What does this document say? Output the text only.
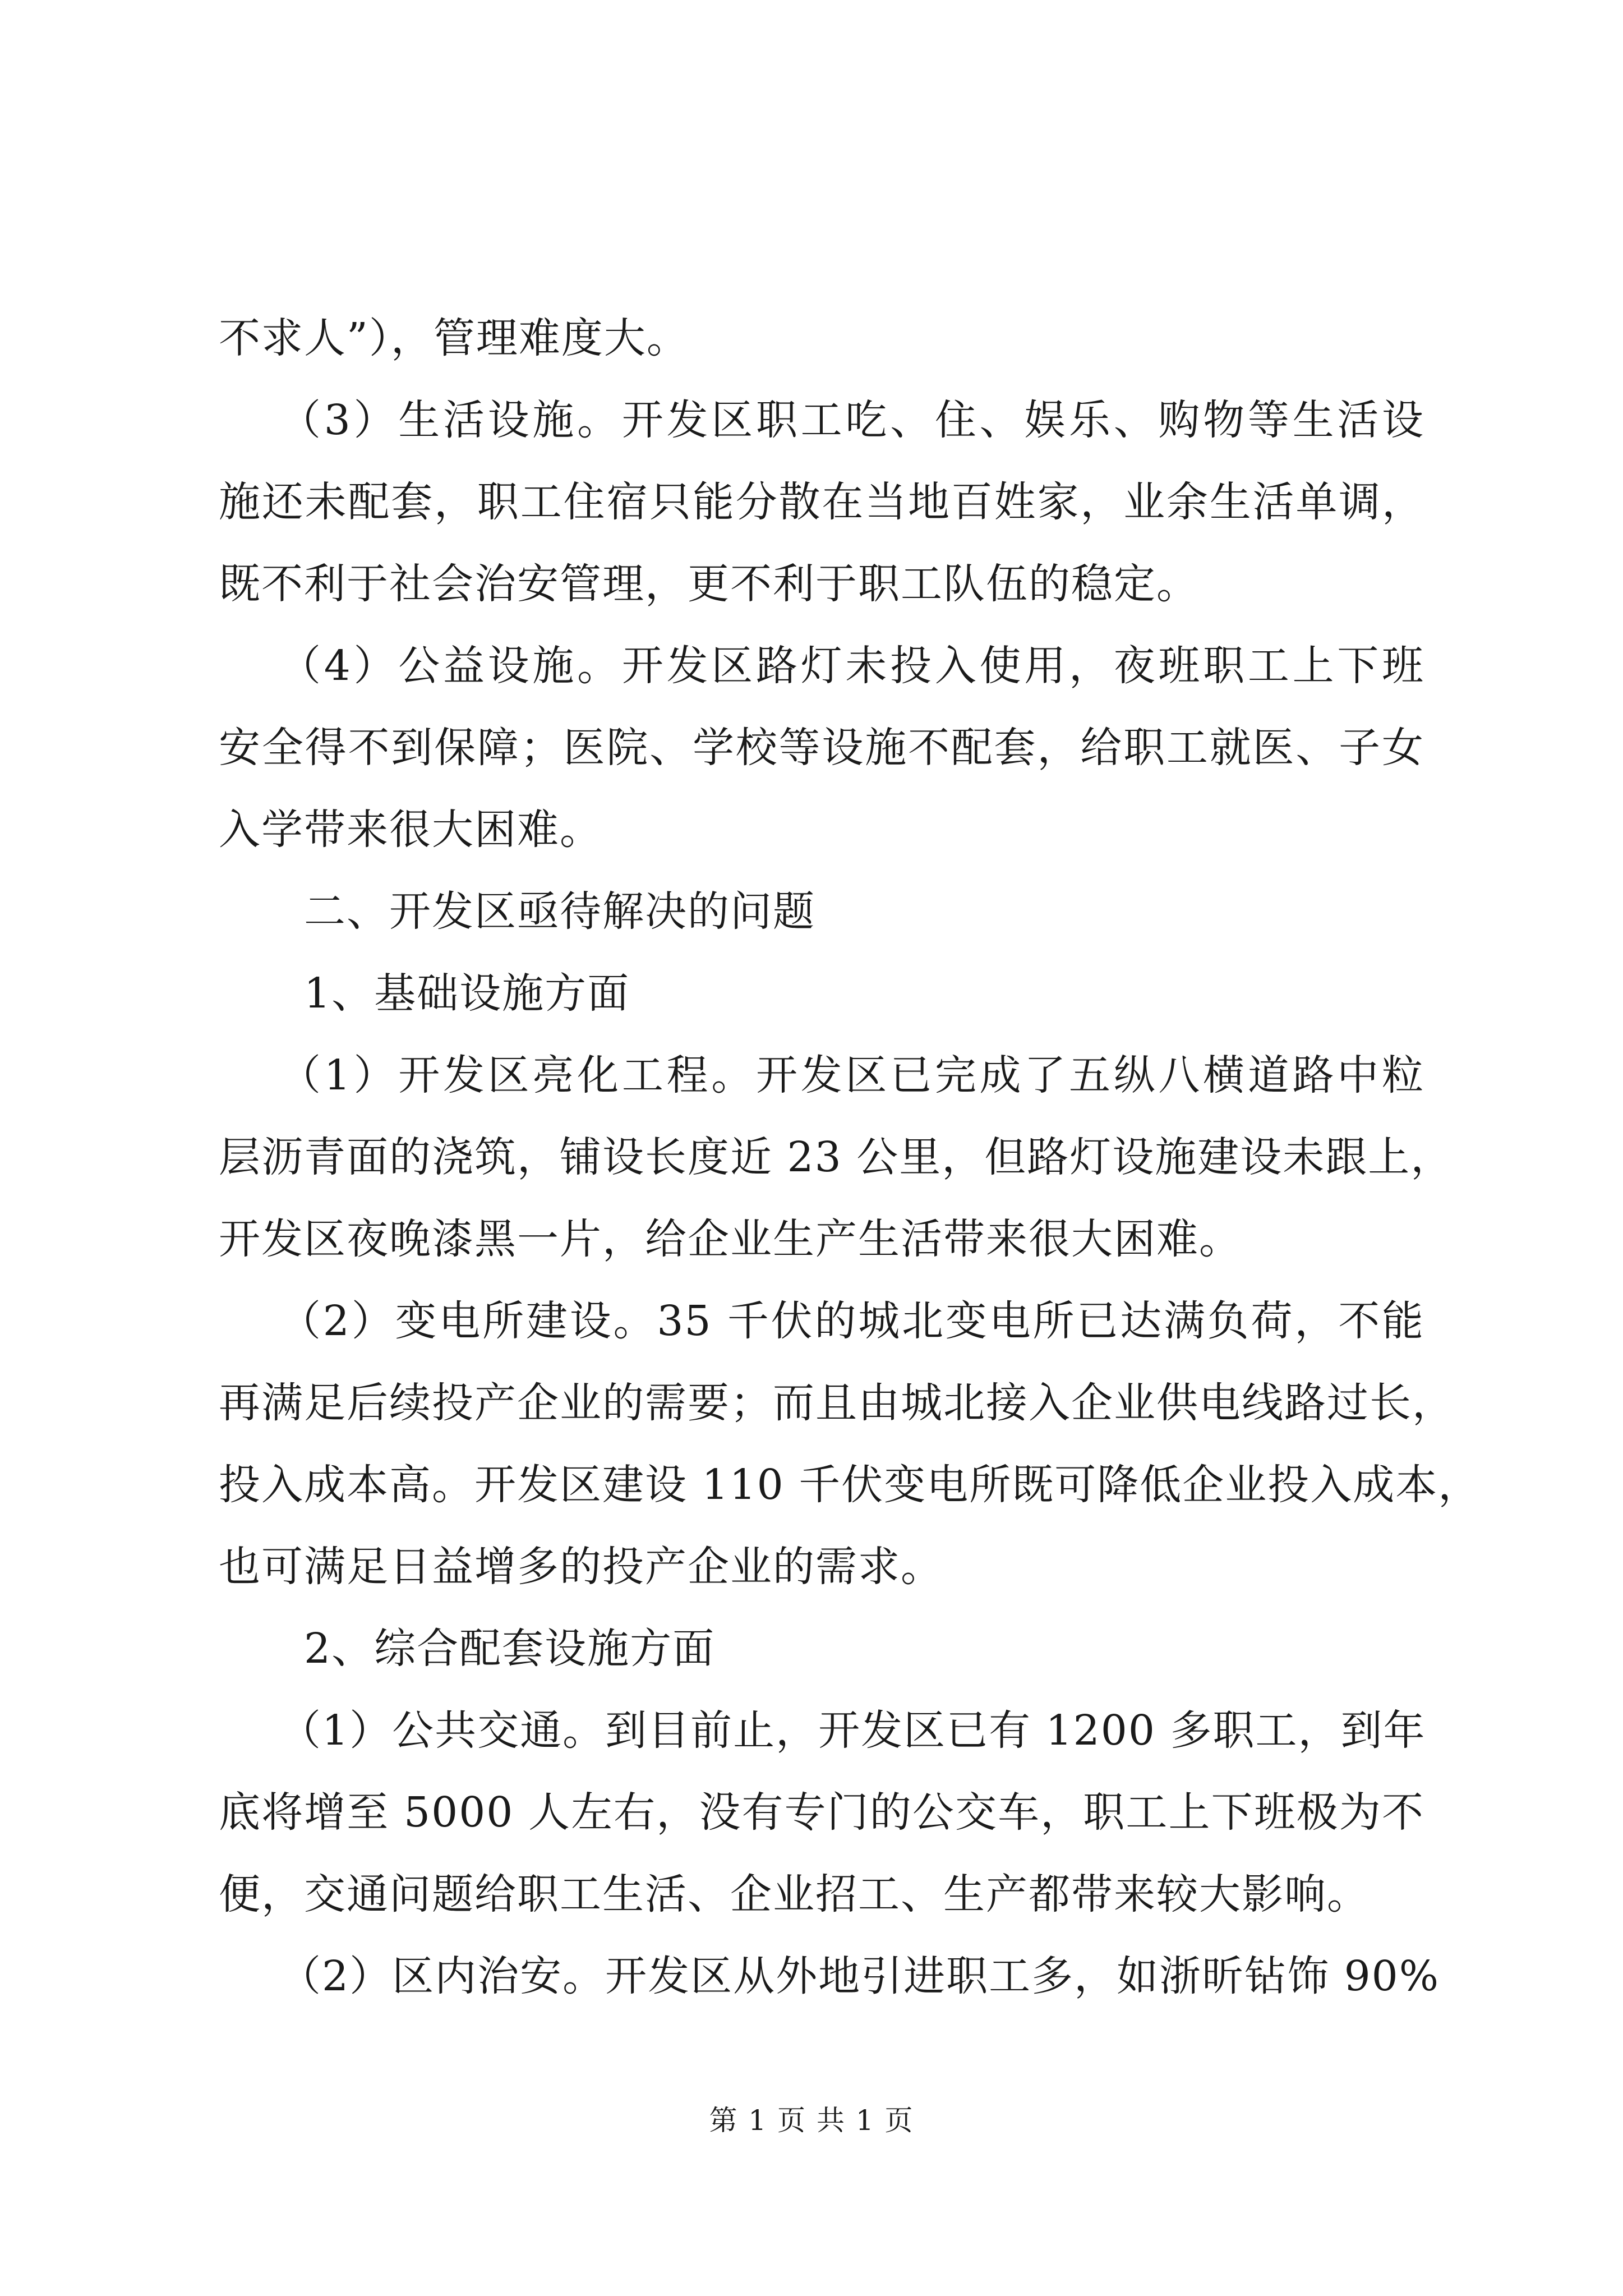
不求人”），管理难度大。
（3）生活设施。开发区职工吃、住、娱乐、购物等生活设
施还未配套，职工住宿只能分散在当地百姓家，业余生活单调，
既不利于社会治安管理，更不利于职工队伍的稳定。
（4）公益设施。开发区路灯未投入使用，夜班职工上下班
安全得不到保障；医院、学校等设施不配套，给职工就医、子女
入学带来很大困难。
二、开发区亟待解决的问题
1、基础设施方面
（1）开发区亮化工程。开发区已完成了五纵八横道路中粒
层沥青面的浇筑，铺设长度近 23 公里，但路灯设施建设未跟上，
开发区夜晚漆黑一片，给企业生产生活带来很大困难。
（2）变电所建设。35 千伏的城北变电所已达满负荷，不能
再满足后续投产企业的需要；而且由城北接入企业供电线路过长，
投入成本高。开发区建设 110 千伏变电所既可降低企业投入成本，
也可满足日益增多的投产企业的需求。
2、综合配套设施方面
（1）公共交通。到目前止，开发区已有 1200 多职工，到年
底将增至 5000 人左右，没有专门的公交车，职工上下班极为不
便，交通问题给职工生活、企业招工、生产都带来较大影响。
（2）区内治安。开发区从外地引进职工多，如浙昕钻饰 90%
第 1 页 共 1 页
